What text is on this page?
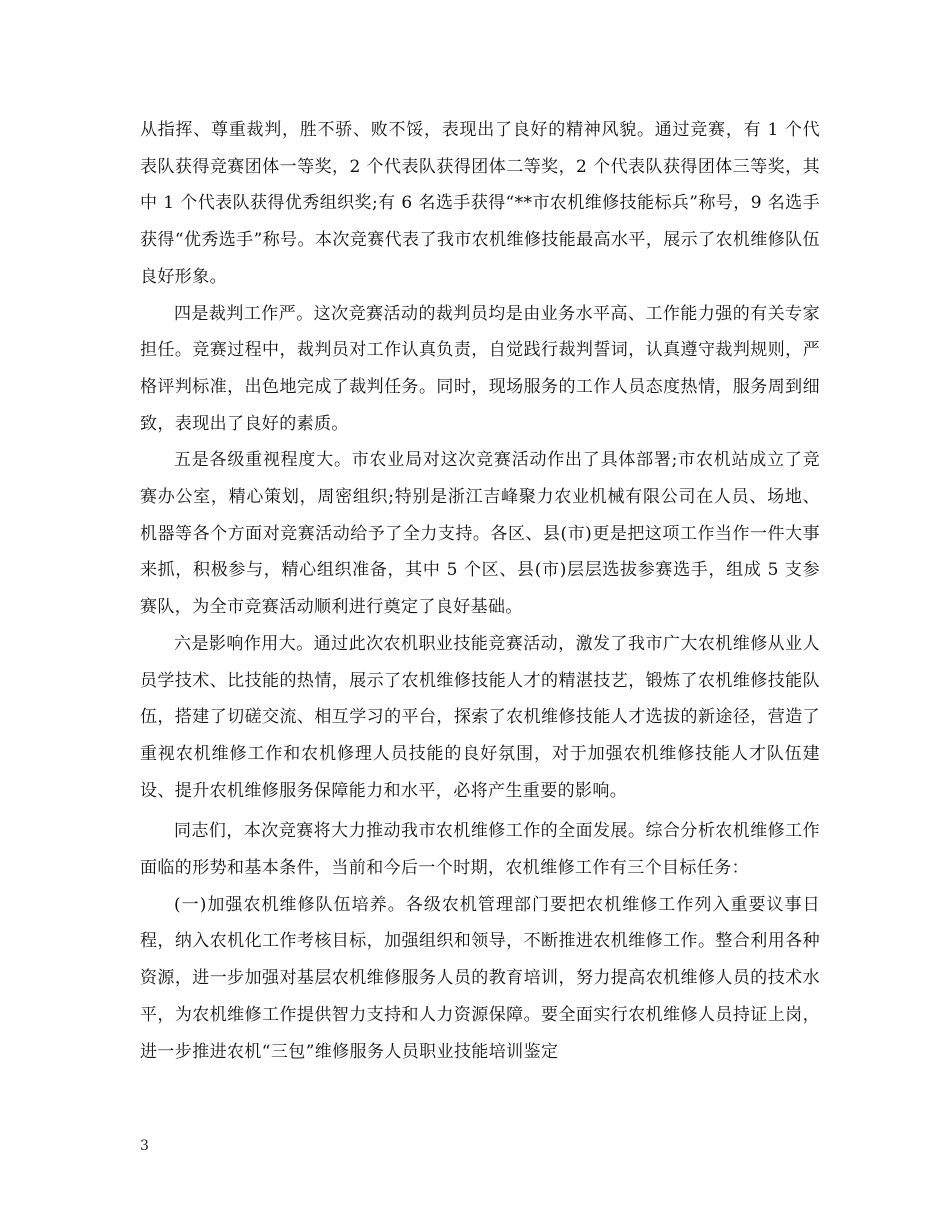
从指挥、尊重裁判，胜不骄、败不馁，表现出了良好的精神风貌。通过竞赛，有 1 个代表队获得竞赛团体一等奖，2 个代表队获得团体二等奖，2 个代表队获得团体三等奖，其中 1 个代表队获得优秀组织奖;有 6 名选手获得“**市农机维修技能标兵”称号，9 名选手获得“优秀选手”称号。本次竞赛代表了我市农机维修技能最高水平，展示了农机维修队伍良好形象。

四是裁判工作严。这次竞赛活动的裁判员均是由业务水平高、工作能力强的有关专家担任。竞赛过程中，裁判员对工作认真负责，自觉践行裁判誓词，认真遵守裁判规则，严格评判标准，出色地完成了裁判任务。同时，现场服务的工作人员态度热情，服务周到细致，表现出了良好的素质。

五是各级重视程度大。市农业局对这次竞赛活动作出了具体部署;市农机站成立了竞赛办公室，精心策划，周密组织;特别是浙江吉峰聚力农业机械有限公司在人员、场地、机器等各个方面对竞赛活动给予了全力支持。各区、县(市)更是把这项工作当作一件大事来抓，积极参与，精心组织准备，其中 5 个区、县(市)层层选拔参赛选手，组成 5 支参赛队，为全市竞赛活动顺利进行奠定了良好基础。

六是影响作用大。通过此次农机职业技能竞赛活动，激发了我市广大农机维修从业人员学技术、比技能的热情，展示了农机维修技能人才的精湛技艺，锻炼了农机维修技能队伍，搭建了切磋交流、相互学习的平台，探索了农机维修技能人才选拔的新途径，营造了重视农机维修工作和农机修理人员技能的良好氛围，对于加强农机维修技能人才队伍建设、提升农机维修服务保障能力和水平，必将产生重要的影响。

同志们，本次竞赛将大力推动我市农机维修工作的全面发展。综合分析农机维修工作面临的形势和基本条件，当前和今后一个时期，农机维修工作有三个目标任务：

(一)加强农机维修队伍培养。各级农机管理部门要把农机维修工作列入重要议事日程，纳入农机化工作考核目标，加强组织和领导，不断推进农机维修工作。整合利用各种资源，进一步加强对基层农机维修服务人员的教育培训，努力提高农机维修人员的技术水平，为农机维修工作提供智力支持和人力资源保障。要全面实行农机维修人员持证上岗，进一步推进农机“三包”维修服务人员职业技能培训鉴定

3
